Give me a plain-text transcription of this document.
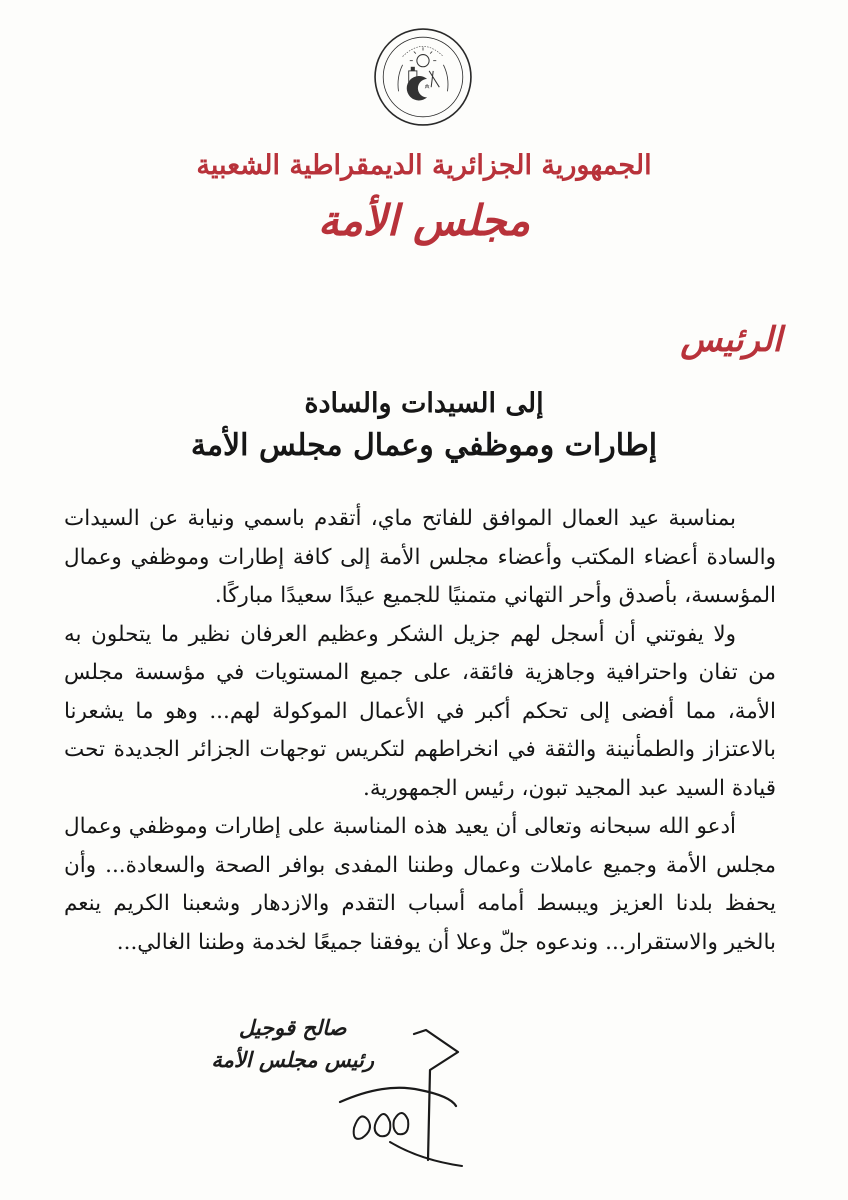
الجمهورية الجزائرية الديمقراطية الشعبية
مجلس الأمة
الرئيس
إلى السيدات والسادة
إطارات وموظفي وعمال مجلس الأمة

بمناسبة عيد العمال الموافق للفاتح ماي، أتقدم باسمي ونيابة عن السيدات والسادة أعضاء المكتب وأعضاء مجلس الأمة إلى كافة إطارات وموظفي وعمال المؤسسة، بأصدق وأحر التهاني متمنيًا للجميع عيدًا سعيدًا مباركًا.

ولا يفوتني أن أسجل لهم جزيل الشكر وعظيم العرفان نظير ما يتحلون به من تفان واحترافية وجاهزية فائقة، على جميع المستويات في مؤسسة مجلس الأمة، مما أفضى إلى تحكم أكبر في الأعمال الموكولة لهم... وهو ما يشعرنا بالاعتزاز والطمأنينة والثقة في انخراطهم لتكريس توجهات الجزائر الجديدة تحت قيادة السيد عبد المجيد تبون، رئيس الجمهورية.

أدعو الله سبحانه وتعالى أن يعيد هذه المناسبة على إطارات وموظفي وعمال مجلس الأمة وجميع عاملات وعمال وطننا المفدى بوافر الصحة والسعادة... وأن يحفظ بلدنا العزيز ويبسط أمامه أسباب التقدم والازدهار وشعبنا الكريم ينعم بالخير والاستقرار... وندعوه جلّ وعلا أن يوفقنا جميعًا لخدمة وطننا الغالي...

صالح قوجيل
رئيس مجلس الأمة
